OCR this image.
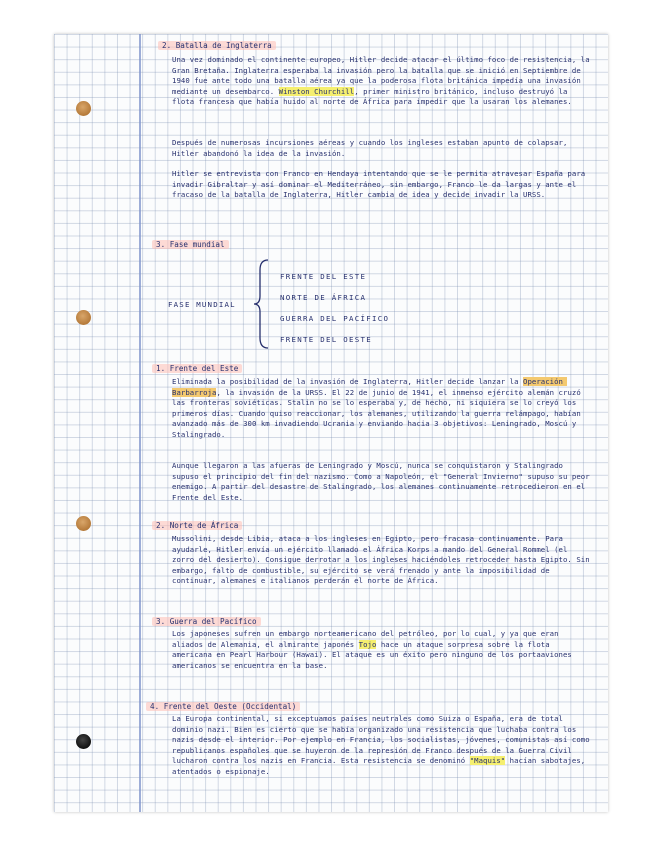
2. Batalla de Inglaterra

Una vez dominado el continente europeo, Hitler decide atacar el último foco de resistencia, la Gran Bretaña. Inglaterra esperaba la invasión pero la batalla que se inició en Septiembre de 1940 fue ante todo una batalla aérea ya que la poderosa flota británica impedía una invasión mediante un desembarco. Winston Churchill, primer ministro británico, incluso destruyó la flota francesa que había huido al norte de África para impedir que la usaran los alemanes.

Después de numerosas incursiones aéreas y cuando los ingleses estaban apunto de colapsar, Hitler abandonó la idea de la invasión.

Hitler se entrevista con Franco en Hendaya intentando que se le permita atravesar España para invadir Gibraltar y así dominar el Mediterráneo, sin embargo, Franco le da largas y ante el fracaso de la batalla de Inglaterra, Hitler cambia de idea y decide invadir la URSS.

3. Fase mundial
FASE MUNDIAL
FRENTE DEL ESTE
NORTE DE ÁFRICA
GUERRA DEL PACÍFICO
FRENTE DEL OESTE
1. Frente del Este

Eliminada la posibilidad de la invasión de Inglaterra, Hitler decide lanzar la Operación Barbarroja, la invasión de la URSS. El 22 de junio de 1941, el inmenso ejército alemán cruzó las fronteras soviéticas. Stalin no se lo esperaba y, de hecho, ni siquiera se lo creyó los primeros días. Cuando quiso reaccionar, los alemanes, utilizando la guerra relámpago, habían avanzado más de 300 km invadiendo Ucrania y enviando hacia 3 objetivos: Leningrado, Moscú y Stalingrado.

Aunque llegaron a las afueras de Leningrado y Moscú, nunca se conquistaron y Stalingrado supuso el principio del fin del nazismo. Como a Napoleón, el "General Invierno" supuso su peor enemigo. A partir del desastre de Stalingrado, los alemanes continuamente retrocedieron en el Frente del Este.

2. Norte de África

Mussolini, desde Libia, ataca a los ingleses en Egipto, pero fracasa continuamente. Para ayudarle, Hitler envía un ejército llamado el África Korps a mando del General Rommel (el zorro del desierto). Consigue derrotar a los ingleses haciéndoles retroceder hasta Egipto. Sin embargo, falto de combustible, su ejército se verá frenado y ante la imposibilidad de continuar, alemanes e italianos perderán el norte de África.

3. Guerra del Pacífico

Los japoneses sufren un embargo norteamericano del petróleo, por lo cual, y ya que eran aliados de Alemania, el almirante japonés Tojo hace un ataque sorpresa sobre la flota americana en Pearl Harbour (Hawai). El ataque es un éxito pero ninguno de los portaaviones americanos se encuentra en la base.

4. Frente del Oeste (Occidental)

La Europa continental, si exceptuamos países neutrales como Suiza o España, era de total dominio nazi. Bien es cierto que se había organizado una resistencia que luchaba contra los nazis desde el interior. Por ejemplo en Francia, los socialistas, jóvenes, comunistas así como republicanos españoles que se huyeron de la represión de Franco después de la Guerra Civil lucharon contra los nazis en Francia. Esta resistencia se denominó "Maquis" hacían sabotajes, atentados o espionaje.
